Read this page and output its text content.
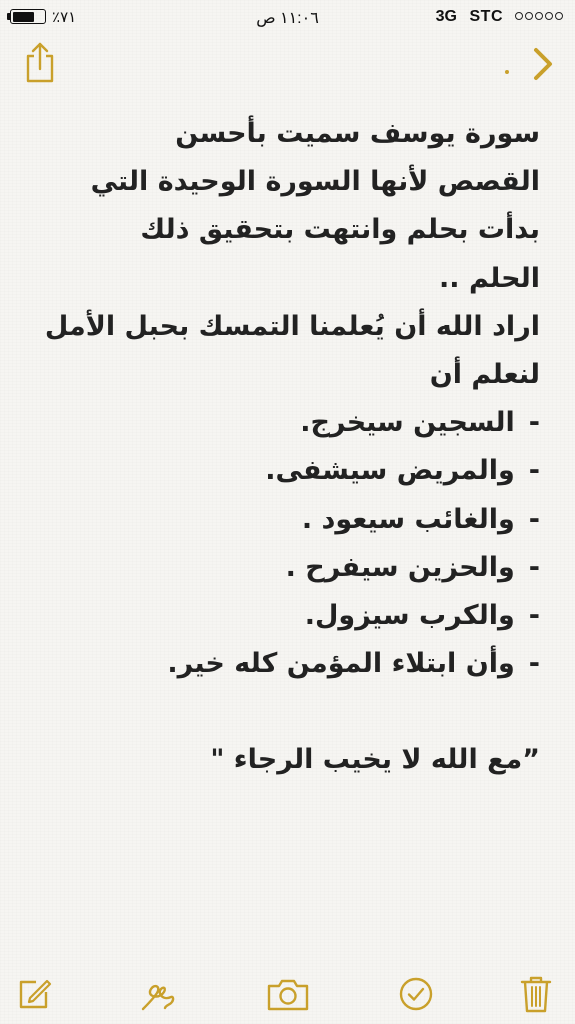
٪٧١	١١:٠٦ ص	3G STC
سورة يوسف سميت بأحسن
القصص لأنها السورة الوحيدة التي
بدأت بحلم وانتهت بتحقيق ذلك
الحلم ..
اراد الله أن يُعلمنا التمسك بحبل الأمل
لنعلم أن
-السجين سيخرج.
-والمريض سيشفى.
-والغائب سيعود .
-والحزين سيفرح .
-والكرب سيزول.
-وأن ابتلاء المؤمن كله خير.
”مع الله لا يخيب الرجاء "
